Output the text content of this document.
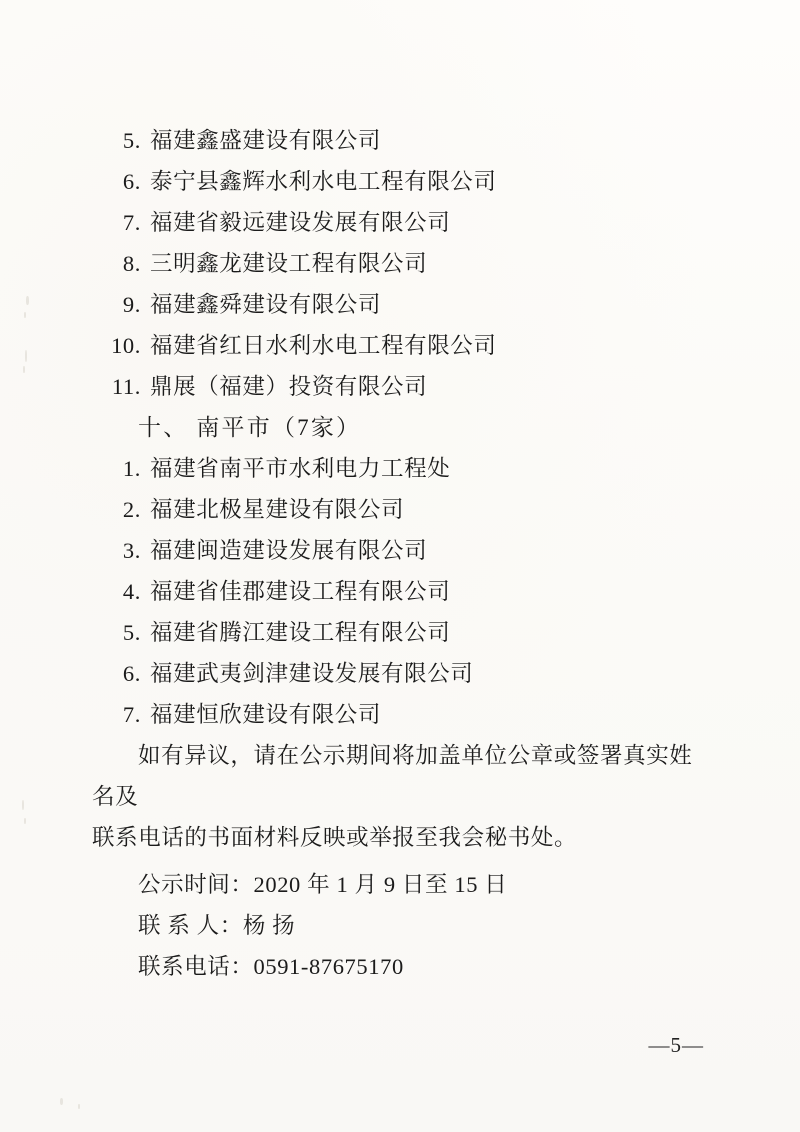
5. 福建鑫盛建设有限公司
6. 泰宁县鑫辉水利水电工程有限公司
7. 福建省毅远建设发展有限公司
8. 三明鑫龙建设工程有限公司
9. 福建鑫舜建设有限公司
10. 福建省红日水利水电工程有限公司
11. 鼎展（福建）投资有限公司
十、 南平市（7家）
1. 福建省南平市水利电力工程处
2. 福建北极星建设有限公司
3. 福建闽造建设发展有限公司
4. 福建省佳郡建设工程有限公司
5. 福建省腾江建设工程有限公司
6. 福建武夷剑津建设发展有限公司
7. 福建恒欣建设有限公司
如有异议，请在公示期间将加盖单位公章或签署真实姓名及
联系电话的书面材料反映或举报至我会秘书处。
公示时间：2020 年 1 月 9 日至 15 日
联 系 人：杨 扬
联系电话：0591-87675170
—5—
